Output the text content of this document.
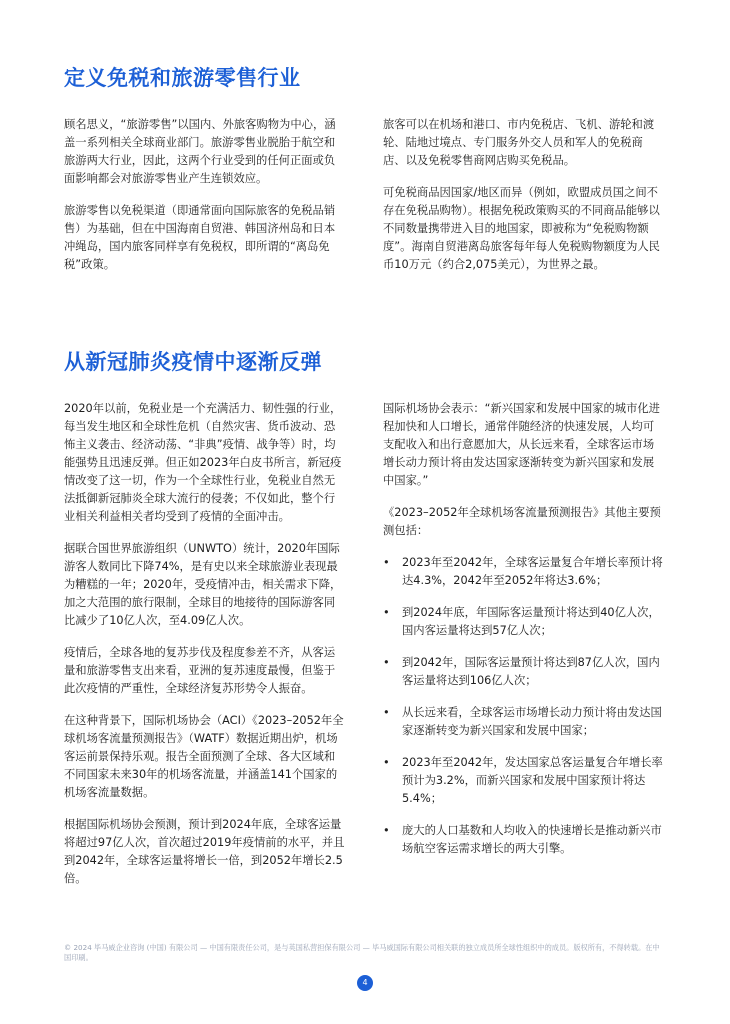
定义免税和旅游零售行业

顾名思义，“旅游零售”以国内、外旅客购物为中心，涵盖一系列相关全球商业部门。旅游零售业脱胎于航空和旅游两大行业，因此，这两个行业受到的任何正面或负面影响都会对旅游零售业产生连锁效应。

旅游零售以免税渠道（即通常面向国际旅客的免税品销售）为基础，但在中国海南自贸港、韩国济州岛和日本冲绳岛，国内旅客同样享有免税权，即所谓的“离岛免税”政策。

旅客可以在机场和港口、市内免税店、飞机、游轮和渡轮、陆地过境点、专门服务外交人员和军人的免税商店、以及免税零售商网店购买免税品。

可免税商品因国家/地区而异（例如，欧盟成员国之间不存在免税品购物）。根据免税政策购买的不同商品能够以不同数量携带进入目的地国家，即被称为“免税购物额度”。海南自贸港离岛旅客每年每人免税购物额度为人民币10万元（约合2,075美元），为世界之最。

从新冠肺炎疫情中逐渐反弹

2020年以前，免税业是一个充满活力、韧性强的行业，每当发生地区和全球性危机（自然灾害、货币波动、恐怖主义袭击、经济动荡、“非典”疫情、战争等）时，均能强势且迅速反弹。但正如2023年白皮书所言，新冠疫情改变了这一切，作为一个全球性行业，免税业自然无法抵御新冠肺炎全球大流行的侵袭；不仅如此，整个行业相关利益相关者均受到了疫情的全面冲击。

据联合国世界旅游组织（UNWTO）统计，2020年国际游客人数同比下降74%，是有史以来全球旅游业表现最为糟糕的一年；2020年，受疫情冲击，相关需求下降，加之大范围的旅行限制，全球目的地接待的国际游客同比减少了10亿人次，至4.09亿人次。

疫情后，全球各地的复苏步伐及程度参差不齐，从客运量和旅游零售支出来看，亚洲的复苏速度最慢，但鉴于此次疫情的严重性，全球经济复苏形势令人振奋。

在这种背景下，国际机场协会（ACI）《2023–2052年全球机场客流量预测报告》（WATF）数据近期出炉，机场客运前景保持乐观。报告全面预测了全球、各大区域和不同国家未来30年的机场客流量，并涵盖141个国家的机场客流量数据。

根据国际机场协会预测，预计到2024年底，全球客运量将超过97亿人次，首次超过2019年疫情前的水平，并且到2042年，全球客运量将增长一倍，到2052年增长2.5倍。

国际机场协会表示：“新兴国家和发展中国家的城市化进程加快和人口增长，通常伴随经济的快速发展，人均可支配收入和出行意愿加大，从长远来看，全球客运市场增长动力预计将由发达国家逐渐转变为新兴国家和发展中国家。”

《2023–2052年全球机场客流量预测报告》其他主要预测包括：

• 2023年至2042年，全球客运量复合年增长率预计将达4.3%，2042年至2052年将达3.6%；
• 到2024年底，年国际客运量预计将达到40亿人次，国内客运量将达到57亿人次；
• 到2042年，国际客运量预计将达到87亿人次，国内客运量将达到106亿人次；
• 从长远来看，全球客运市场增长动力预计将由发达国家逐渐转变为新兴国家和发展中国家；
• 2023年至2042年，发达国家总客运量复合年增长率预计为3.2%，而新兴国家和发展中国家预计将达5.4%；
• 庞大的人口基数和人均收入的快速增长是推动新兴市场航空客运需求增长的两大引擎。
© 2024 毕马威企业咨询 (中国) 有限公司 — 中国有限责任公司，是与英国私营担保有限公司 — 毕马威国际有限公司相关联的独立成员所全球性组织中的成员。版权所有，不得转载。在中国印刷。
4
